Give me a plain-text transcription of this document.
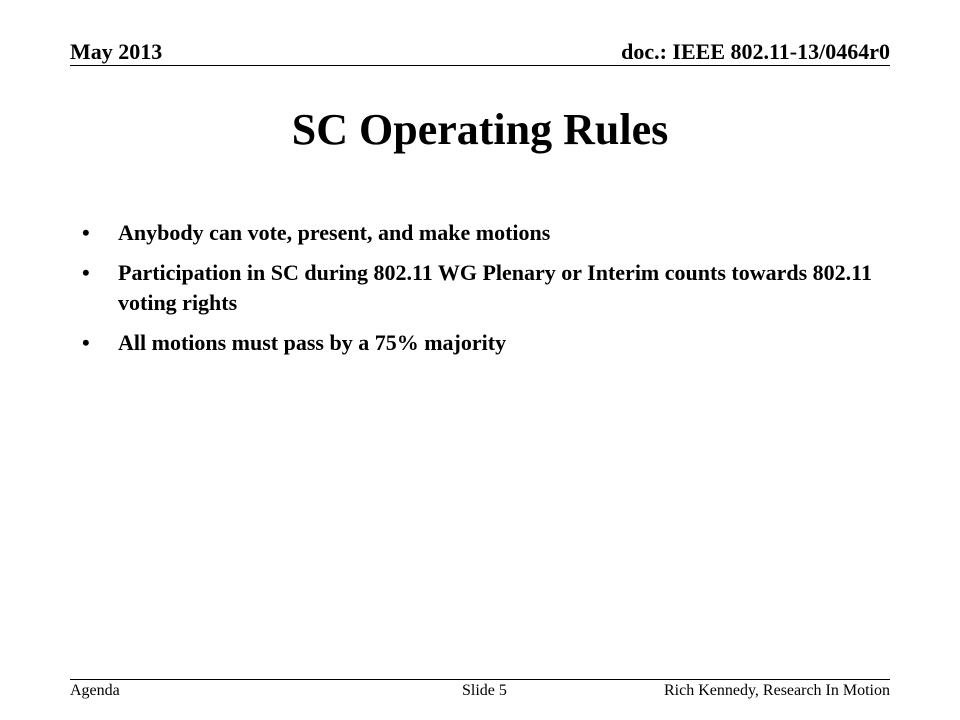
May 2013	doc.: IEEE 802.11-13/0464r0
SC Operating Rules
• Anybody can vote, present, and make motions
• Participation in SC during 802.11 WG Plenary or Interim counts towards 802.11 voting rights
• All motions must pass by a 75% majority
Agenda	Slide 5	Rich Kennedy, Research In Motion
